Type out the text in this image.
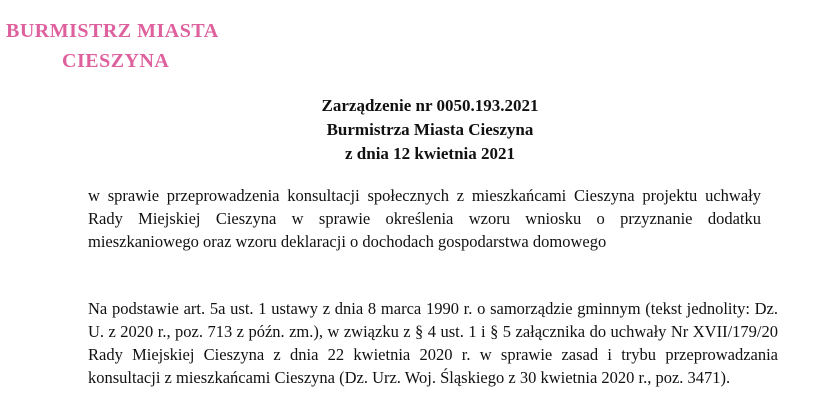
BURMISTRZ MIASTA
CIESZYNA
Zarządzenie nr 0050.193.2021
Burmistrza Miasta Cieszyna
z dnia 12 kwietnia 2021

w sprawie przeprowadzenia konsultacji społecznych z mieszkańcami Cieszyna projektu uchwały Rady Miejskiej Cieszyna w sprawie określenia wzoru wniosku o przyznanie dodatku mieszkaniowego oraz wzoru deklaracji o dochodach gospodarstwa domowego

Na podstawie art. 5a ust. 1 ustawy z dnia 8 marca 1990 r. o samorządzie gminnym (tekst jednolity: Dz. U. z 2020 r., poz. 713 z późn. zm.), w związku z § 4 ust. 1 i § 5 załącznika do uchwały Nr XVII/179/20 Rady Miejskiej Cieszyna z dnia 22 kwietnia 2020 r. w sprawie zasad i trybu przeprowadzania konsultacji z mieszkańcami Cieszyna (Dz. Urz. Woj. Śląskiego z 30 kwietnia 2020 r., poz. 3471).
